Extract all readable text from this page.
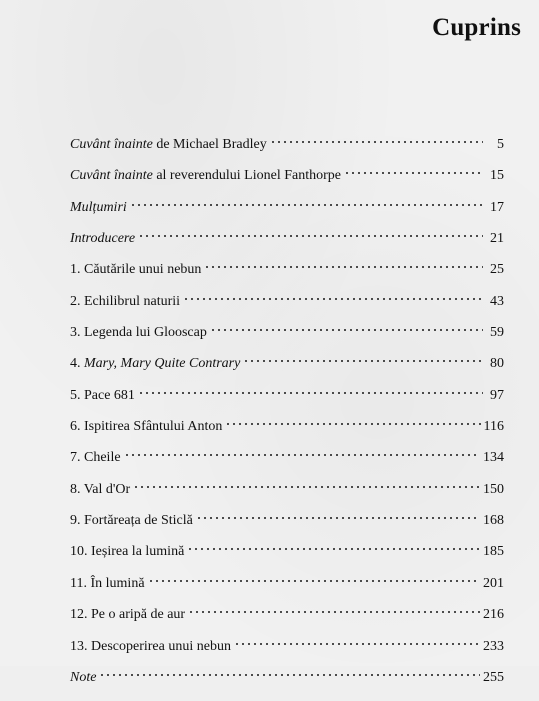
Cuprins
Cuvânt înainte de Michael Bradley	5
Cuvânt înainte al reverendului Lionel Fanthorpe	15
Mulțumiri	17
Introducere	21
1. Căutările unui nebun	25
2. Echilibrul naturii	43
3. Legenda lui Glooscap	59
4. Mary, Mary Quite Contrary	80
5. Pace 681	97
6. Ispitirea Sfântului Anton	116
7. Cheile	134
8. Val d'Or	150
9. Fortăreața de Sticlă	168
10. Ieșirea la lumină	185
11. În lumină	201
12. Pe o aripă de aur	216
13. Descoperirea unui nebun	233
Note	255
